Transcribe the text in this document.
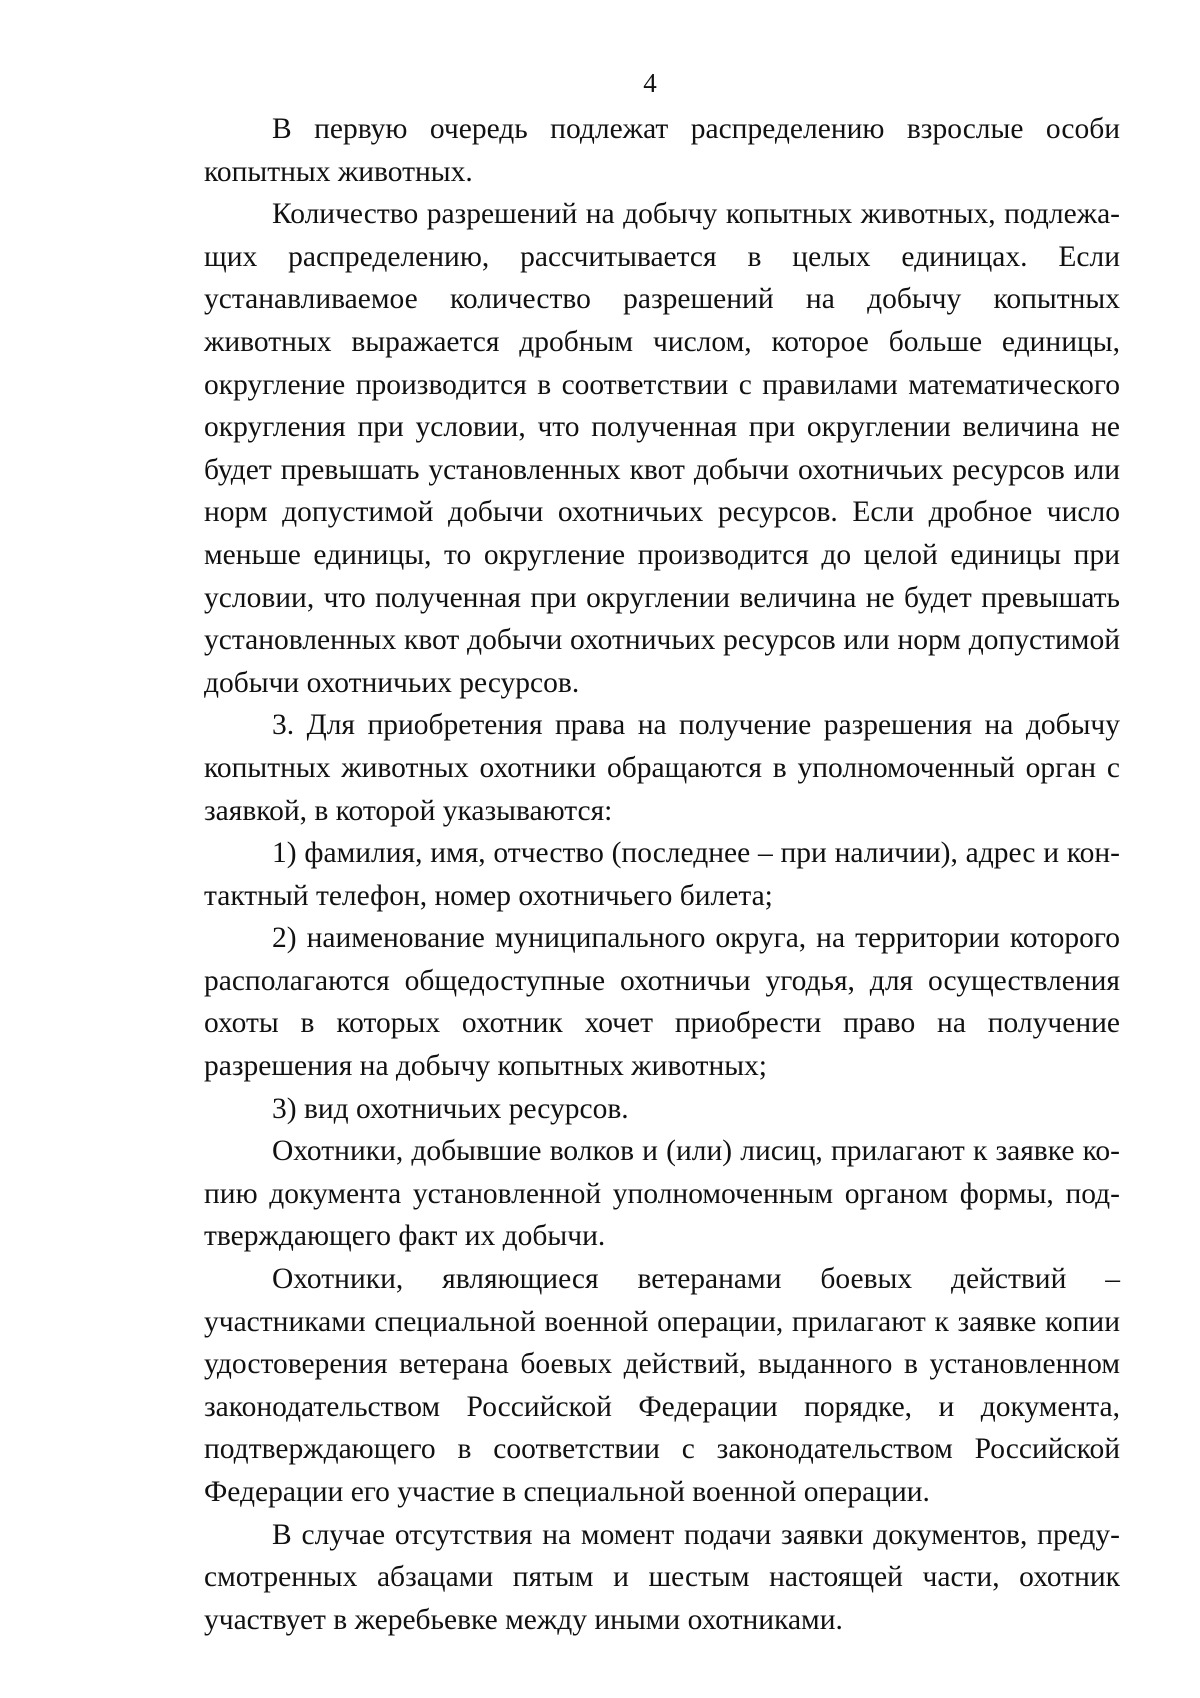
4

В первую очередь подлежат распределению взрослые особи копытных животных.

Количество разрешений на добычу копытных животных, подлежащих распределению, рассчитывается в целых единицах. Если устанавливаемое количество разрешений на добычу копытных животных выражается дробным числом, которое больше единицы, округление производится в соответствии с правилами математического округления при условии, что полученная при округлении величина не будет превышать установленных квот добычи охотничьих ресурсов или норм допустимой добычи охотничьих ресурсов. Если дробное число меньше единицы, то округление производится до целой единицы при условии, что полученная при округлении величина не будет превышать установленных квот добычи охотничьих ресурсов или норм допустимой добычи охотничьих ресурсов.

3. Для приобретения права на получение разрешения на добычу копытных животных охотники обращаются в уполномоченный орган с заявкой, в которой указываются:

1) фамилия, имя, отчество (последнее – при наличии), адрес и контактный телефон, номер охотничьего билета;

2) наименование муниципального округа, на территории которого располагаются общедоступные охотничьи угодья, для осуществления охоты в которых охотник хочет приобрести право на получение разрешения на добычу копытных животных;

3) вид охотничьих ресурсов.

Охотники, добывшие волков и (или) лисиц, прилагают к заявке копию документа установленной уполномоченным органом формы, подтверждающего факт их добычи.

Охотники, являющиеся ветеранами боевых действий – участниками специальной военной операции, прилагают к заявке копии удостоверения ветерана боевых действий, выданного в установленном законодательством Российской Федерации порядке, и документа, подтверждающего в соответствии с законодательством Российской Федерации его участие в специальной военной операции.

В случае отсутствия на момент подачи заявки документов, предусмотренных абзацами пятым и шестым настоящей части, охотник участвует в жеребьевке между иными охотниками.
